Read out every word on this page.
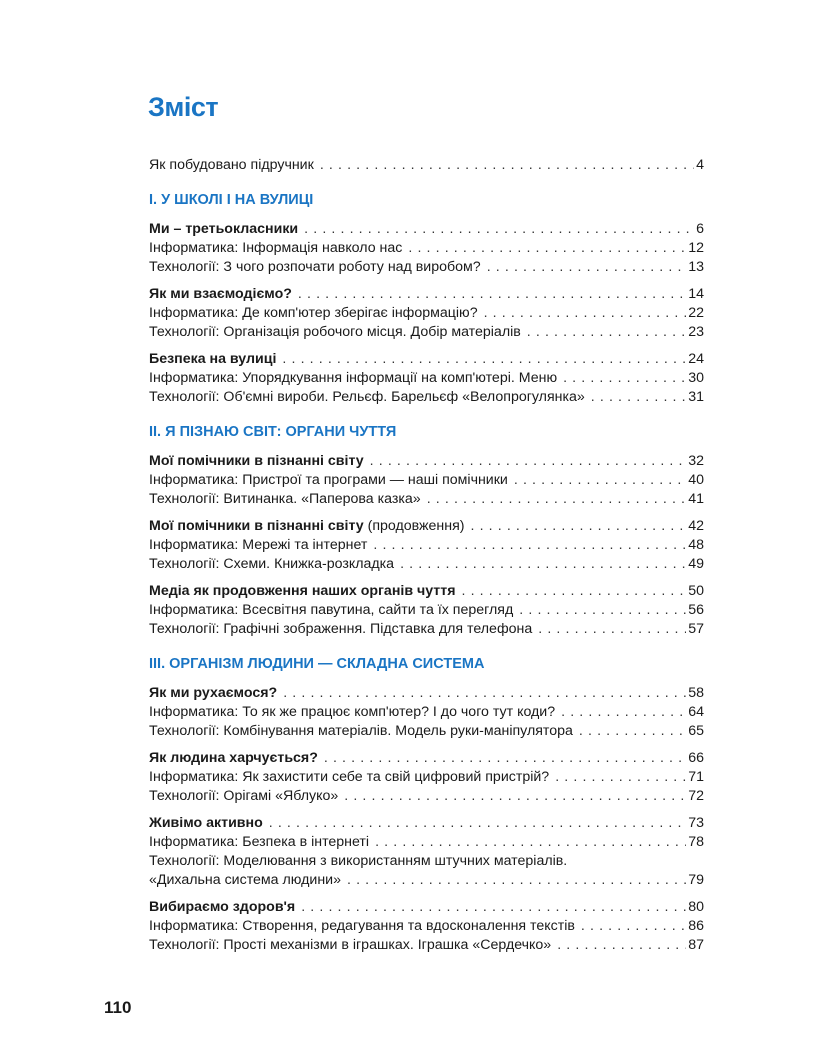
Зміст
Як побудовано підручник . . .	4
І. У ШКОЛІ І НА ВУЛИЦІ
Ми – третьокласники . . .	6
Інформатика: Інформація навколо нас . . .	12
Технології: З чого розпочати роботу над виробом? . . .	13
Як ми взаємодіємо? . . .	14
Інформатика: Де комп'ютер зберігає інформацію? . . .	22
Технології: Організація робочого місця. Добір матеріалів . . .	23
Безпека на вулиці . . .	24
Інформатика: Упорядкування інформації на комп'ютері. Меню . . .	30
Технології: Об'ємні вироби. Рельєф. Барельєф «Велопрогулянка» . . .	31
ІІ. Я ПІЗНАЮ СВІТ: ОРГАНИ ЧУТТЯ
Мої помічники в пізнанні світу . . .	32
Інформатика: Пристрої та програми — наші помічники . . .	40
Технології: Витинанка. «Паперова казка» . . .	41
Мої помічники в пізнанні світу (продовження) . . .	42
Інформатика: Мережі та інтернет . . .	48
Технології: Схеми. Книжка-розкладка . . .	49
Медіа як продовження наших органів чуття . . .	50
Інформатика: Всесвітня павутина, сайти та їх перегляд . . .	56
Технології: Графічні зображення. Підставка для телефона . . .	57
ІІІ. ОРГАНІЗМ ЛЮДИНИ — СКЛАДНА СИСТЕМА
Як ми рухаємося? . . .	58
Інформатика: То як же працює комп'ютер? І до чого тут коди? . . .	64
Технології: Комбінування матеріалів. Модель руки-маніпулятора . . .	65
Як людина харчується? . . .	66
Інформатика: Як захистити себе та свій цифровий пристрій? . . .	71
Технології: Орігамі «Яблуко» . . .	72
Живімо активно . . .	73
Інформатика: Безпека в інтернеті . . .	78
Технології: Моделювання з використанням штучних матеріалів.
«Дихальна система людини» . . .	79
Вибираємо здоров'я . . .	80
Інформатика: Створення, редагування та вдосконалення текстів . . .	86
Технології: Прості механізми в іграшках. Іграшка «Сердечко» . . .	87
110
